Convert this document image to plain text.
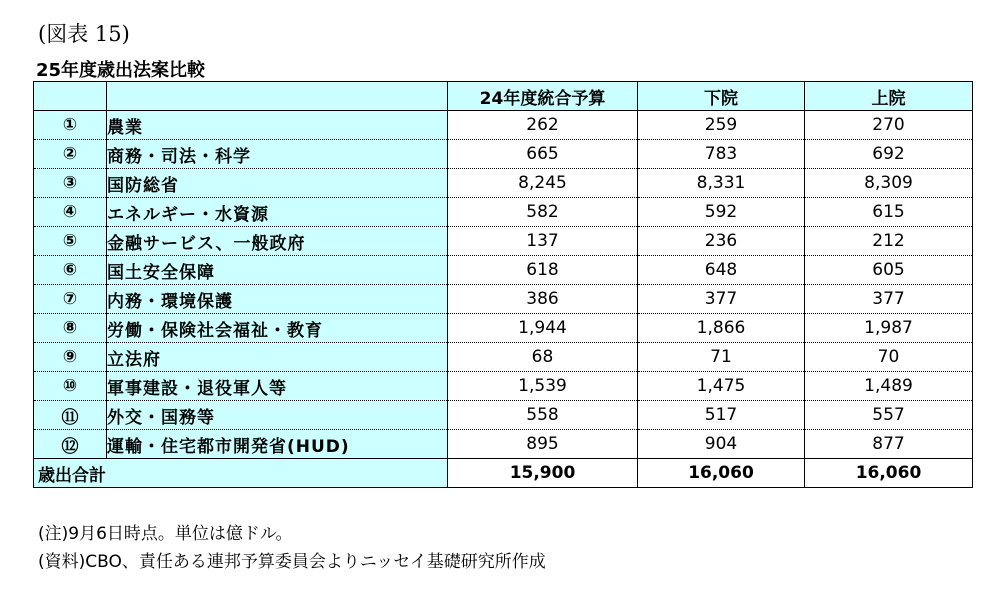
(図表 15)
25年度歳出法案比較
		24年度統合予算	下院	上院
①	農業	262	259	270
②	商務・司法・科学	665	783	692
③	国防総省	8,245	8,331	8,309
④	エネルギー・水資源	582	592	615
⑤	金融サービス、一般政府	137	236	212
⑥	国土安全保障	618	648	605
⑦	内務・環境保護	386	377	377
⑧	労働・保険社会福祉・教育	1,944	1,866	1,987
⑨	立法府	68	71	70
⑩	軍事建設・退役軍人等	1,539	1,475	1,489
⑪	外交・国務等	558	517	557
⑫	運輸・住宅都市開発省(HUD)	895	904	877
歳出合計		15,900	16,060	16,060
(注)9月6日時点。単位は億ドル。
(資料)CBO、責任ある連邦予算委員会よりニッセイ基礎研究所作成
